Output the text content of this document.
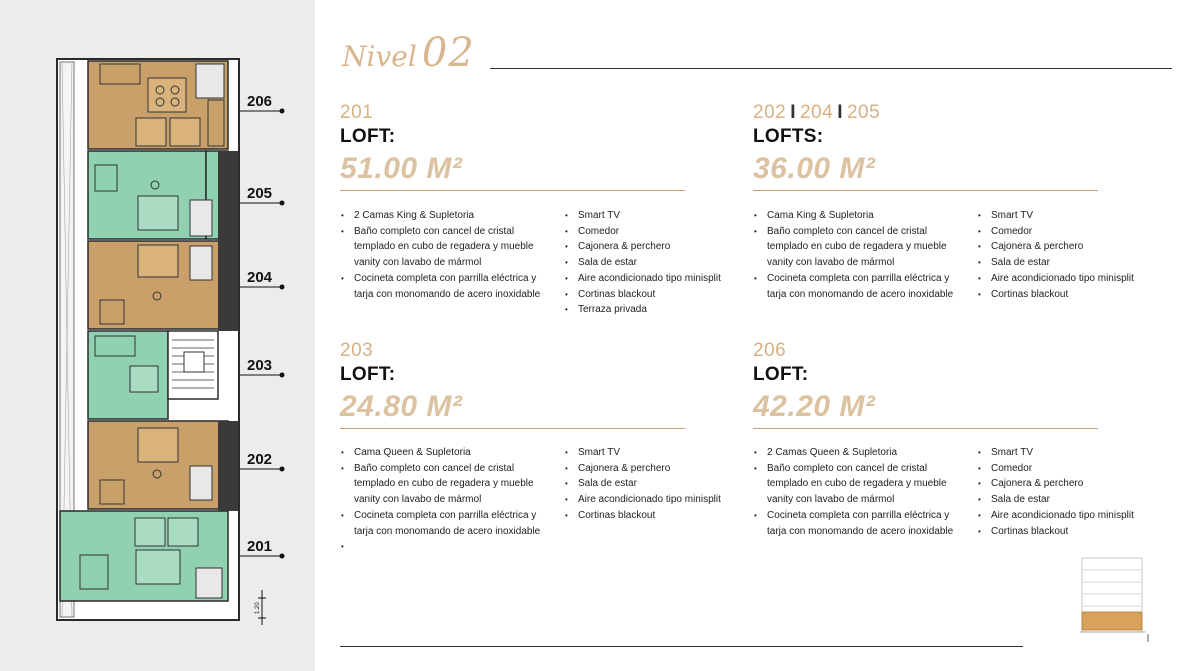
1.20
206
205
204
203
202
201
Nivel 02
201
LOFT:
51.00 M²
• 2 Camas King & Supletoria
• Baño completo con cancel de cristal templado en cubo de regadera y mueble vanity con lavabo de mármol
• Cocineta completa con parrilla eléctrica y tarja con monomando de acero inoxidable
• Smart TV
• Comedor
• Cajonera & perchero
• Sala de estar
• Aire acondicionado tipo minisplit
• Cortinas blackout
• Terraza privada
202 I 204 I 205
LOFTS:
36.00 M²
• Cama King & Supletoria
• Baño completo con cancel de cristal templado en cubo de regadera y mueble vanity con lavabo de mármol
• Cocineta completa con parrilla eléctrica y tarja con monomando de acero inoxidable
• Smart TV
• Comedor
• Cajonera & perchero
• Sala de estar
• Aire acondicionado tipo minisplit
• Cortinas blackout
203
LOFT:
24.80 M²
• Cama Queen & Supletoria
• Baño completo con cancel de cristal templado en cubo de regadera y mueble vanity con lavabo de mármol
• Cocineta completa con parrilla eléctrica y tarja con monomando de acero inoxidable
•
• Smart TV
• Cajonera & perchero
• Sala de estar
• Aire acondicionado tipo minisplit
• Cortinas blackout
206
LOFT:
42.20 M²
• 2 Camas Queen & Supletoria
• Baño completo con cancel de cristal templado en cubo de regadera y mueble vanity con lavabo de mármol
• Cocineta completa con parrilla eléctrica y tarja con monomando de acero inoxidable
• Smart TV
• Comedor
• Cajonera & perchero
• Sala de estar
• Aire acondicionado tipo minisplit
• Cortinas blackout
